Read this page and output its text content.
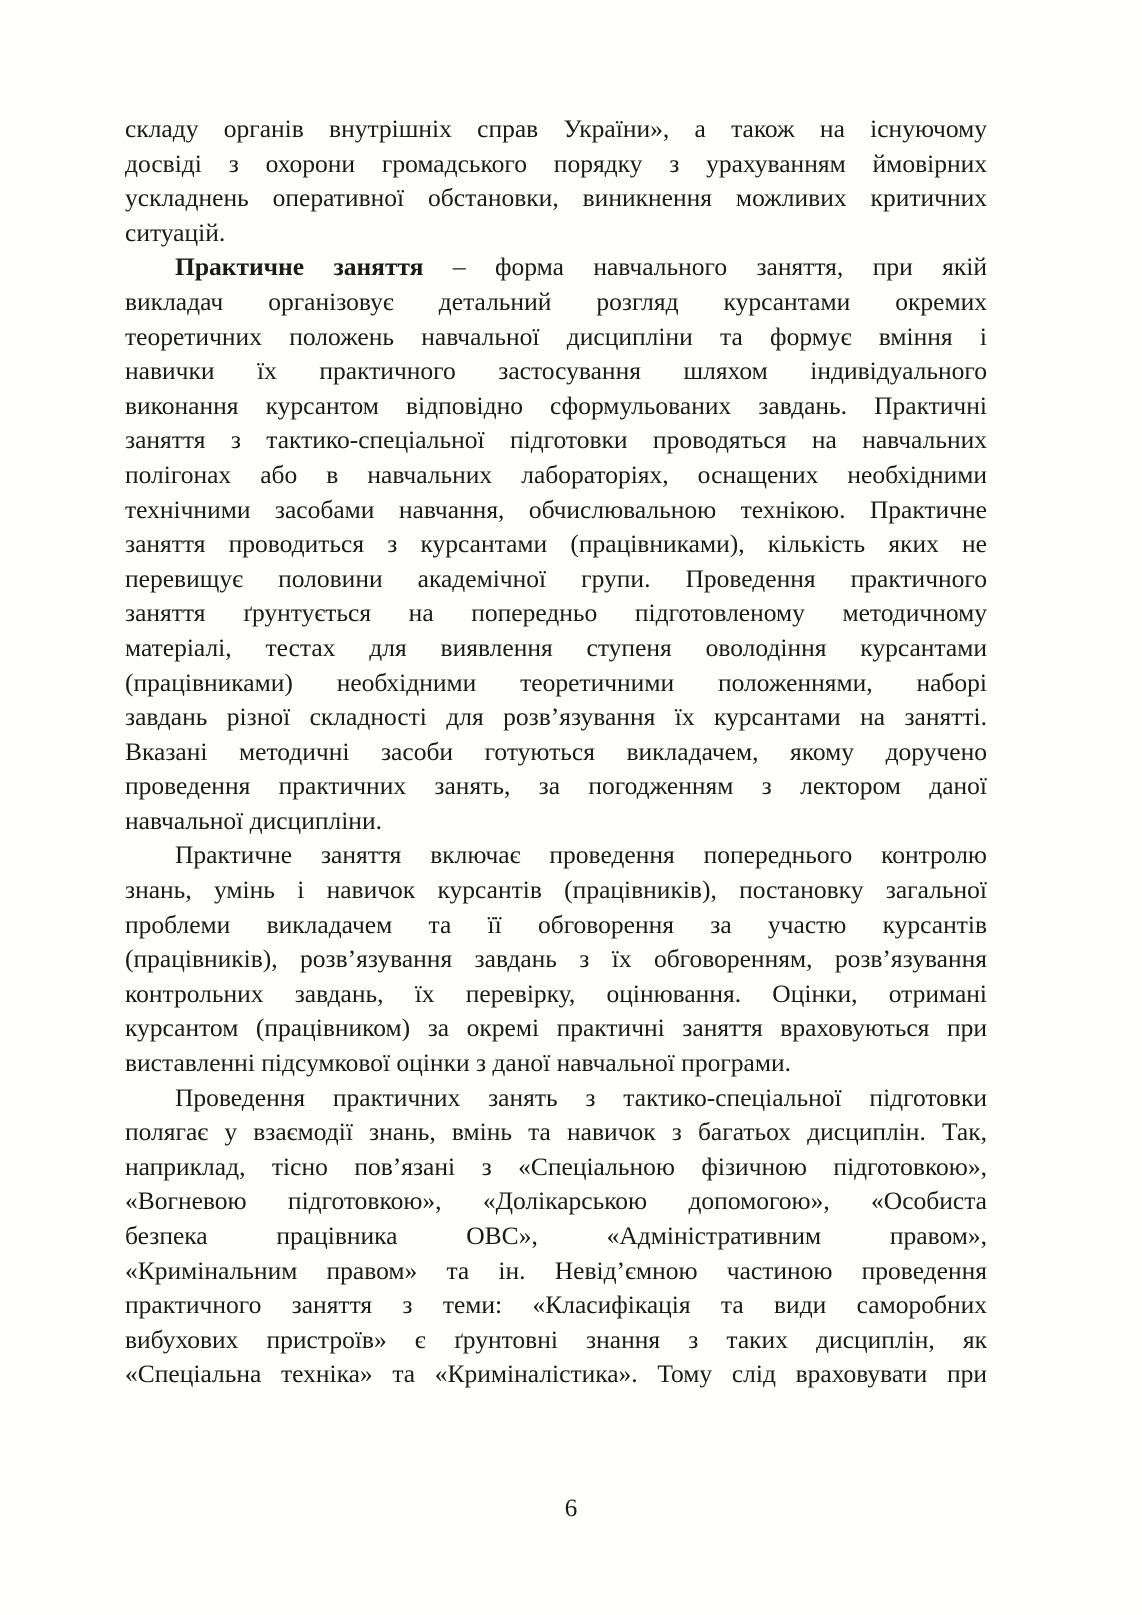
складу органів внутрішніх справ України», а також на існуючому
досвіді з охорони громадського порядку з урахуванням ймовірних
ускладнень оперативної обстановки, виникнення можливих критичних
ситуацій.
Практичне заняття – форма навчального заняття, при якій
викладач організовує детальний розгляд курсантами окремих
теоретичних положень навчальної дисципліни та формує вміння і
навички їх практичного застосування шляхом індивідуального
виконання курсантом відповідно сформульованих завдань. Практичні
заняття з тактико-спеціальної підготовки проводяться на навчальних
полігонах або в навчальних лабораторіях, оснащених необхідними
технічними засобами навчання, обчислювальною технікою. Практичне
заняття проводиться з курсантами (працівниками), кількість яких не
перевищує половини академічної групи. Проведення практичного
заняття ґрунтується на попередньо підготовленому методичному
матеріалі, тестах для виявлення ступеня оволодіння курсантами
(працівниками) необхідними теоретичними положеннями, наборі
завдань різної складності для розв’язування їх курсантами на занятті.
Вказані методичні засоби готуються викладачем, якому доручено
проведення практичних занять, за погодженням з лектором даної
навчальної дисципліни.
Практичне заняття включає проведення попереднього контролю
знань, умінь і навичок курсантів (працівників), постановку загальної
проблеми викладачем та її обговорення за участю курсантів
(працівників), розв’язування завдань з їх обговоренням, розв’язування
контрольних завдань, їх перевірку, оцінювання. Оцінки, отримані
курсантом (працівником) за окремі практичні заняття враховуються при
виставленні підсумкової оцінки з даної навчальної програми.
Проведення практичних занять з тактико-спеціальної підготовки
полягає у взаємодії знань, вмінь та навичок з багатьох дисциплін. Так,
наприклад, тісно пов’язані з «Спеціальною фізичною підготовкою»,
«Вогневою підготовкою», «Долікарською допомогою», «Особиста
безпека працівника ОВС», «Адміністративним правом»,
«Кримінальним правом» та ін. Невід’ємною частиною проведення
практичного заняття з теми: «Класифікація та види саморобних
вибухових пристроїв» є ґрунтовні знання з таких дисциплін, як
«Спеціальна техніка» та «Криміналістика». Тому слід враховувати при
6
